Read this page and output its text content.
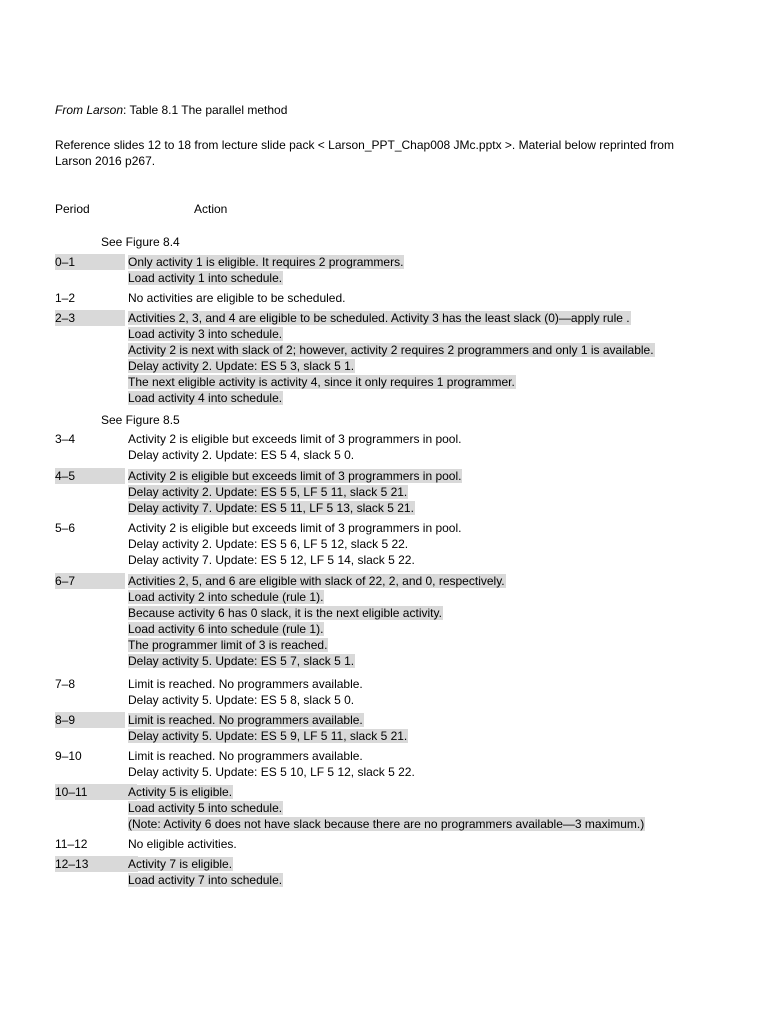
From Larson: Table 8.1 The parallel method
Reference slides 12 to 18 from lecture slide pack < Larson_PPT_Chap008 JMc.pptx >. Material below reprinted from Larson 2016 p267.
Period	Action
See Figure 8.4
See Figure 8.5
0–1	Only activity 1 is eligible. It requires 2 programmers.
Load activity 1 into schedule.
1–2	No activities are eligible to be scheduled.
2–3	Activities 2, 3, and 4 are eligible to be scheduled. Activity 3 has the least slack (0)—apply rule .
Load activity 3 into schedule.
Activity 2 is next with slack of 2; however, activity 2 requires 2 programmers and only 1 is available.
Delay activity 2. Update: ES 5 3, slack 5 1.
The next eligible activity is activity 4, since it only requires 1 programmer.
Load activity 4 into schedule.
3–4	Activity 2 is eligible but exceeds limit of 3 programmers in pool.
Delay activity 2. Update: ES 5 4, slack 5 0.
4–5	Activity 2 is eligible but exceeds limit of 3 programmers in pool.
Delay activity 2. Update: ES 5 5, LF 5 11, slack 5 21.
Delay activity 7. Update: ES 5 11, LF 5 13, slack 5 21.
5–6	Activity 2 is eligible but exceeds limit of 3 programmers in pool.
Delay activity 2. Update: ES 5 6, LF 5 12, slack 5 22.
Delay activity 7. Update: ES 5 12, LF 5 14, slack 5 22.
6–7	Activities 2, 5, and 6 are eligible with slack of 22, 2, and 0, respectively.
Load activity 2 into schedule (rule 1).
Because activity 6 has 0 slack, it is the next eligible activity.
Load activity 6 into schedule (rule 1).
The programmer limit of 3 is reached.
Delay activity 5. Update: ES 5 7, slack 5 1.
7–8	Limit is reached. No programmers available.
Delay activity 5. Update: ES 5 8, slack 5 0.
8–9	Limit is reached. No programmers available.
Delay activity 5. Update: ES 5 9, LF 5 11, slack 5 21.
9–10	Limit is reached. No programmers available.
Delay activity 5. Update: ES 5 10, LF 5 12, slack 5 22.
10–11	Activity 5 is eligible.
Load activity 5 into schedule.
(Note: Activity 6 does not have slack because there are no programmers available—3 maximum.)
11–12	No eligible activities.
12–13	Activity 7 is eligible.
Load activity 7 into schedule.
